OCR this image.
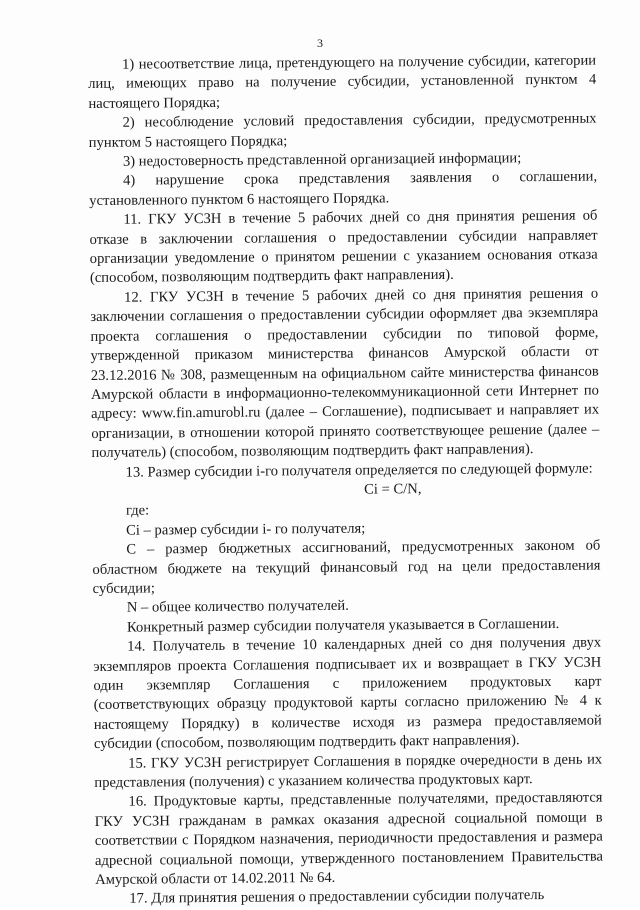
3

1) несоответствие лица, претендующего на получение субсидии, категории лиц, имеющих право на получение субсидии, установленной пунктом 4 настоящего Порядка;

2) несоблюдение условий предоставления субсидии, предусмотренных пунктом 5 настоящего Порядка;

3) недостоверность представленной организацией информации;

4) нарушение срока представления заявления о соглашении, установленного пунктом 6 настоящего Порядка.

11. ГКУ УСЗН в течение 5 рабочих дней со дня принятия решения об отказе в заключении соглашения о предоставлении субсидии направляет организации уведомление о принятом решении с указанием основания отказа (способом, позволяющим подтвердить факт направления).

12. ГКУ УСЗН в течение 5 рабочих дней со дня принятия решения о заключении соглашения о предоставлении субсидии оформляет два экземпляра проекта соглашения о предоставлении субсидии по типовой форме, утвержденной приказом министерства финансов Амурской области от 23.12.2016 № 308, размещенным на официальном сайте министерства финансов Амурской области в информационно-телекоммуникационной сети Интернет по адресу: www.fin.amurobl.ru (далее – Соглашение), подписывает и направляет их организации, в отношении которой принято соответствующее решение (далее – получатель) (способом, позволяющим подтвердить факт направления).

13. Размер субсидии i-го получателя определяется по следующей формуле:

Ci = C/N,

где:

Ci – размер субсидии i- го получателя;

С – размер бюджетных ассигнований, предусмотренных законом об областном бюджете на текущий финансовый год на цели предоставления субсидии;

N – общее количество получателей.

Конкретный размер субсидии получателя указывается в Соглашении.

14. Получатель в течение 10 календарных дней со дня получения двух экземпляров проекта Соглашения подписывает их и возвращает в ГКУ УСЗН один экземпляр Соглашения с приложением продуктовых карт (соответствующих образцу продуктовой карты согласно приложению № 4 к настоящему Порядку) в количестве исходя из размера предоставляемой субсидии (способом, позволяющим подтвердить факт направления).

15. ГКУ УСЗН регистрирует Соглашения в порядке очередности в день их представления (получения) с указанием количества продуктовых карт.

16. Продуктовые карты, представленные получателями, предоставляются ГКУ УСЗН гражданам в рамках оказания адресной социальной помощи в соответствии с Порядком назначения, периодичности предоставления и размера адресной социальной помощи, утвержденного постановлением Правительства Амурской области от 14.02.2011 № 64.

17. Для принятия решения о предоставлении субсидии получатель
